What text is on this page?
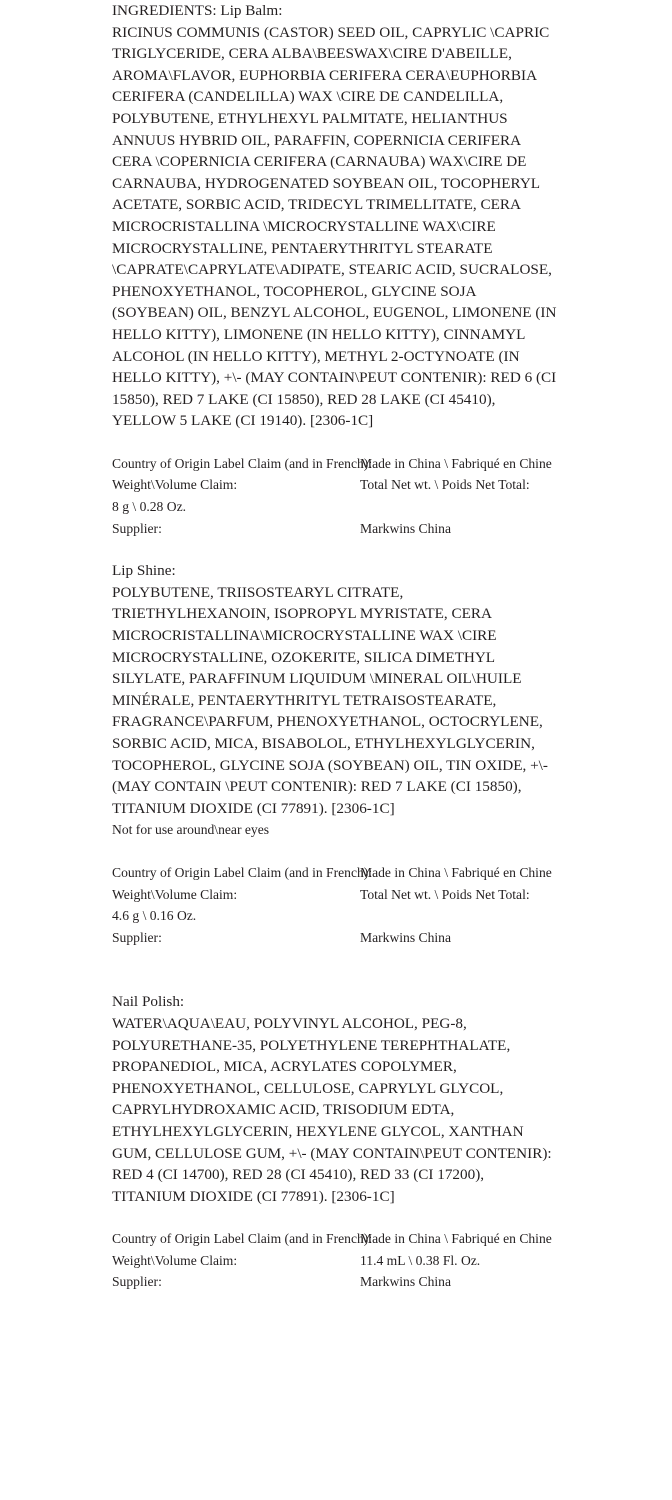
INGREDIENTS: Lip Balm:
RICINUS COMMUNIS (CASTOR) SEED OIL, CAPRYLIC \CAPRIC TRIGLYCERIDE, CERA ALBA\BEESWAX\CIRE D'ABEILLE, AROMA\FLAVOR, EUPHORBIA CERIFERA CERA\EUPHORBIA CERIFERA (CANDELILLA) WAX \CIRE DE CANDELILLA, POLYBUTENE, ETHYLHEXYL PALMITATE, HELIANTHUS ANNUUS HYBRID OIL, PARAFFIN, COPERNICIA CERIFERA CERA \COPERNICIA CERIFERA (CARNAUBA) WAX\CIRE DE CARNAUBA, HYDROGENATED SOYBEAN OIL, TOCOPHERYL ACETATE, SORBIC ACID, TRIDECYL TRIMELLITATE, CERA MICROCRISTALLINA \MICROCRYSTALLINE WAX\CIRE MICROCRYSTALLINE, PENTAERYTHRITYL STEARATE \CAPRATE\CAPRYLATE\ADIPATE, STEARIC ACID, SUCRALOSE, PHENOXYETHANOL, TOCOPHEROL, GLYCINE SOJA (SOYBEAN) OIL, BENZYL ALCOHOL, EUGENOL, LIMONENE (IN HELLO KITTY), LIMONENE (IN HELLO KITTY), CINNAMYL ALCOHOL (IN HELLO KITTY), METHYL 2-OCTYNOATE (IN HELLO KITTY), +\- (MAY CONTAIN\PEUT CONTENIR): RED 6 (CI 15850), RED 7 LAKE (CI 15850), RED 28 LAKE (CI 45410), YELLOW 5 LAKE (CI 19140). [2306-1C]
Country of Origin Label Claim (and in French):Made in China \ Fabriqué en Chine
Weight\Volume Claim:	Total Net wt. \ Poids Net Total:
8 g \ 0.28 Oz.
Supplier:	Markwins China
Lip Shine:
POLYBUTENE, TRIISOSTEARYL CITRATE, TRIETHYLHEXANOIN, ISOPROPYL MYRISTATE, CERA MICROCRISTALLINA\MICROCRYSTALLINE WAX \CIRE MICROCRYSTALLINE, OZOKERITE, SILICA DIMETHYL SILYLATE, PARAFFINUM LIQUIDUM \MINERAL OIL\HUILE MINÉRALE, PENTAERYTHRITYL TETRAISOSTEARATE, FRAGRANCE\PARFUM, PHENOXYETHANOL, OCTOCRYLENE, SORBIC ACID, MICA, BISABOLOL, ETHYLHEXYLGLYCERIN, TOCOPHEROL, GLYCINE SOJA (SOYBEAN) OIL, TIN OXIDE, +\- (MAY CONTAIN \PEUT CONTENIR): RED 7 LAKE (CI 15850), TITANIUM DIOXIDE (CI 77891). [2306-1C]
Not for use around\near eyes
Country of Origin Label Claim (and in French):Made in China \ Fabriqué en Chine
Weight\Volume Claim:	Total Net wt. \ Poids Net Total:
4.6 g \ 0.16 Oz.
Supplier:	Markwins China
Nail Polish:
WATER\AQUA\EAU, POLYVINYL ALCOHOL, PEG-8, POLYURETHANE-35, POLYETHYLENE TEREPHTHALATE, PROPANEDIOL, MICA, ACRYLATES COPOLYMER, PHENOXYETHANOL, CELLULOSE, CAPRYLYL GLYCOL, CAPRYLHYDROXAMIC ACID, TRISODIUM EDTA, ETHYLHEXYLGLYCERIN, HEXYLENE GLYCOL, XANTHAN GUM, CELLULOSE GUM, +\- (MAY CONTAIN\PEUT CONTENIR): RED 4 (CI 14700), RED 28 (CI 45410), RED 33 (CI 17200), TITANIUM DIOXIDE (CI 77891). [2306-1C]
Country of Origin Label Claim (and in French):Made in China \ Fabriqué en Chine
Weight\Volume Claim:	11.4 mL \ 0.38 Fl. Oz.
Supplier:	Markwins China
